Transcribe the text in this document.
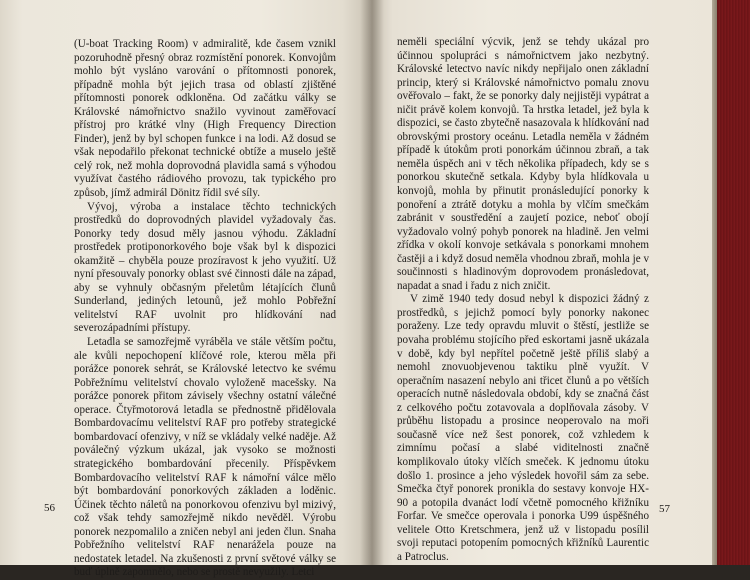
(U-boat Tracking Room) v admiralitě, kde časem vznikl pozoruhodně přesný obraz rozmístění ponorek. Konvojům mohlo být vysláno varování o přítomnosti ponorek, případně mohla být jejich trasa od oblastí zjištěné přítomnosti ponorek odkloněna. Od začátku války se Královské námořnictvo snažilo vyvinout zaměřovací přístroj pro krátké vlny (High Frequency Direction Finder), jenž by byl schopen funkce i na lodi. Až dosud se však nepodařilo překonat technické obtíže a muselo ještě celý rok, než mohla doprovodná plavidla samá s výhodou využívat častého rádiového provozu, tak typického pro způsob, jímž admirál Dönitz řídil své síly.

Vývoj, výroba a instalace těchto technických prostředků do doprovodných plavidel vyžadovaly čas. Ponorky tedy dosud měly jasnou výhodu. Základní prostředek protiponorkového boje však byl k dispozici okamžitě – chyběla pouze prozíravost k jeho využití. Už nyní přesouvaly ponorky oblast své činnosti dále na západ, aby se vyhnuly občasným přeletům létajících člunů Sunderland, jediných letounů, jež mohlo Pobřežní velitelství RAF uvolnit pro hlídkování nad severozápadními přístupy.

Letadla se samozřejmě vyráběla ve stále větším počtu, ale kvůli nepochopení klíčové role, kterou měla při porážce ponorek sehrát, se Královské letectvo ke svému Pobřežnímu velitelství chovalo vyloženě macešsky. Na porážce ponorek přitom závisely všechny ostatní válečné operace. Čtyřmotorová letadla se přednostně přidělovala Bombardovacímu velitelství RAF pro potřeby strategické bombardovací ofenzivy, v níž se vkládaly velké naděje. Až poválečný výzkum ukázal, jak vysoko se možnosti strategického bombardování přecenily. Příspěvkem Bombardovacího velitelství RAF k námořní válce mělo být bombardování ponorkových základen a loděnic. Účinek těchto náletů na ponorkovou ofenzivu byl mizivý, což však tehdy samozřejmě nikdo nevěděl. Výrobu ponorek nezpomalilo a zničen nebyl ani jeden člun. Snaha Pobřežního velitelství RAF nenarážela pouze na nedostatek letadel. Na zkušenosti z první světové války se buď úplně zapomnělo, nebo se prostě nevyužily. Letci

56

neměli speciální výcvik, jenž se tehdy ukázal pro účinnou spolupráci s námořnictvem jako nezbytný. Královské letectvo navíc nikdy nepřijalo onen základní princip, který si Královské námořnictvo pomalu znovu ověřovalo – fakt, že se ponorky daly nejjistěji vypátrat a ničit právě kolem konvojů. Ta hrstka letadel, jež byla k dispozici, se často zbytečně nasazovala k hlídkování nad obrovskými prostory oceánu. Letadla neměla v žádném případě k útokům proti ponorkám účinnou zbraň, a tak neměla úspěch ani v těch několika případech, kdy se s ponorkou skutečně setkala. Kdyby byla hlídkovala u konvojů, mohla by přinutit pronásledující ponorky k ponoření a ztrátě dotyku a mohla by vlčím smečkám zabránit v soustředění a zaujetí pozice, neboť obojí vyžadovalo volný pohyb ponorek na hladině. Jen velmi zřídka v okolí konvoje setkávala s ponorkami mnohem častěji a i když dosud neměla vhodnou zbraň, mohla je v součinnosti s hladinovým doprovodem pronásledovat, napadat a snad i řadu z nich zničit.

V zimě 1940 tedy dosud nebyl k dispozici žádný z prostředků, s jejichž pomocí byly ponorky nakonec poraženy. Lze tedy opravdu mluvit o štěstí, jestliže se povaha problému stojícího před eskortami jasně ukázala v době, kdy byl nepřítel početně ještě příliš slabý a nemohl znovuobjevenou taktiku plně využít. V operačním nasazení nebylo ani třicet člunů a po větších operacích nutně následovala období, kdy se značná část z celkového počtu zotavovala a doplňovala zásoby. V průběhu listopadu a prosince neoperovalo na moři současně více než šest ponorek, což vzhledem k zimnímu počasí a slabé viditelnosti značně komplikovalo útoky vlčích smeček. K jednomu útoku došlo 1. prosince a jeho výsledek hovořil sám za sebe. Smečka čtyř ponorek pronikla do sestavy konvoje HX-90 a potopila dvanáct lodí včetně pomocného křižníku Forfar. Ve smečce operovala i ponorka U99 úspěšného velitele Otto Kretschmera, jenž už v listopadu posílil svoji reputaci potopením pomocných křižníků Laurentic a Patroclus.

57
